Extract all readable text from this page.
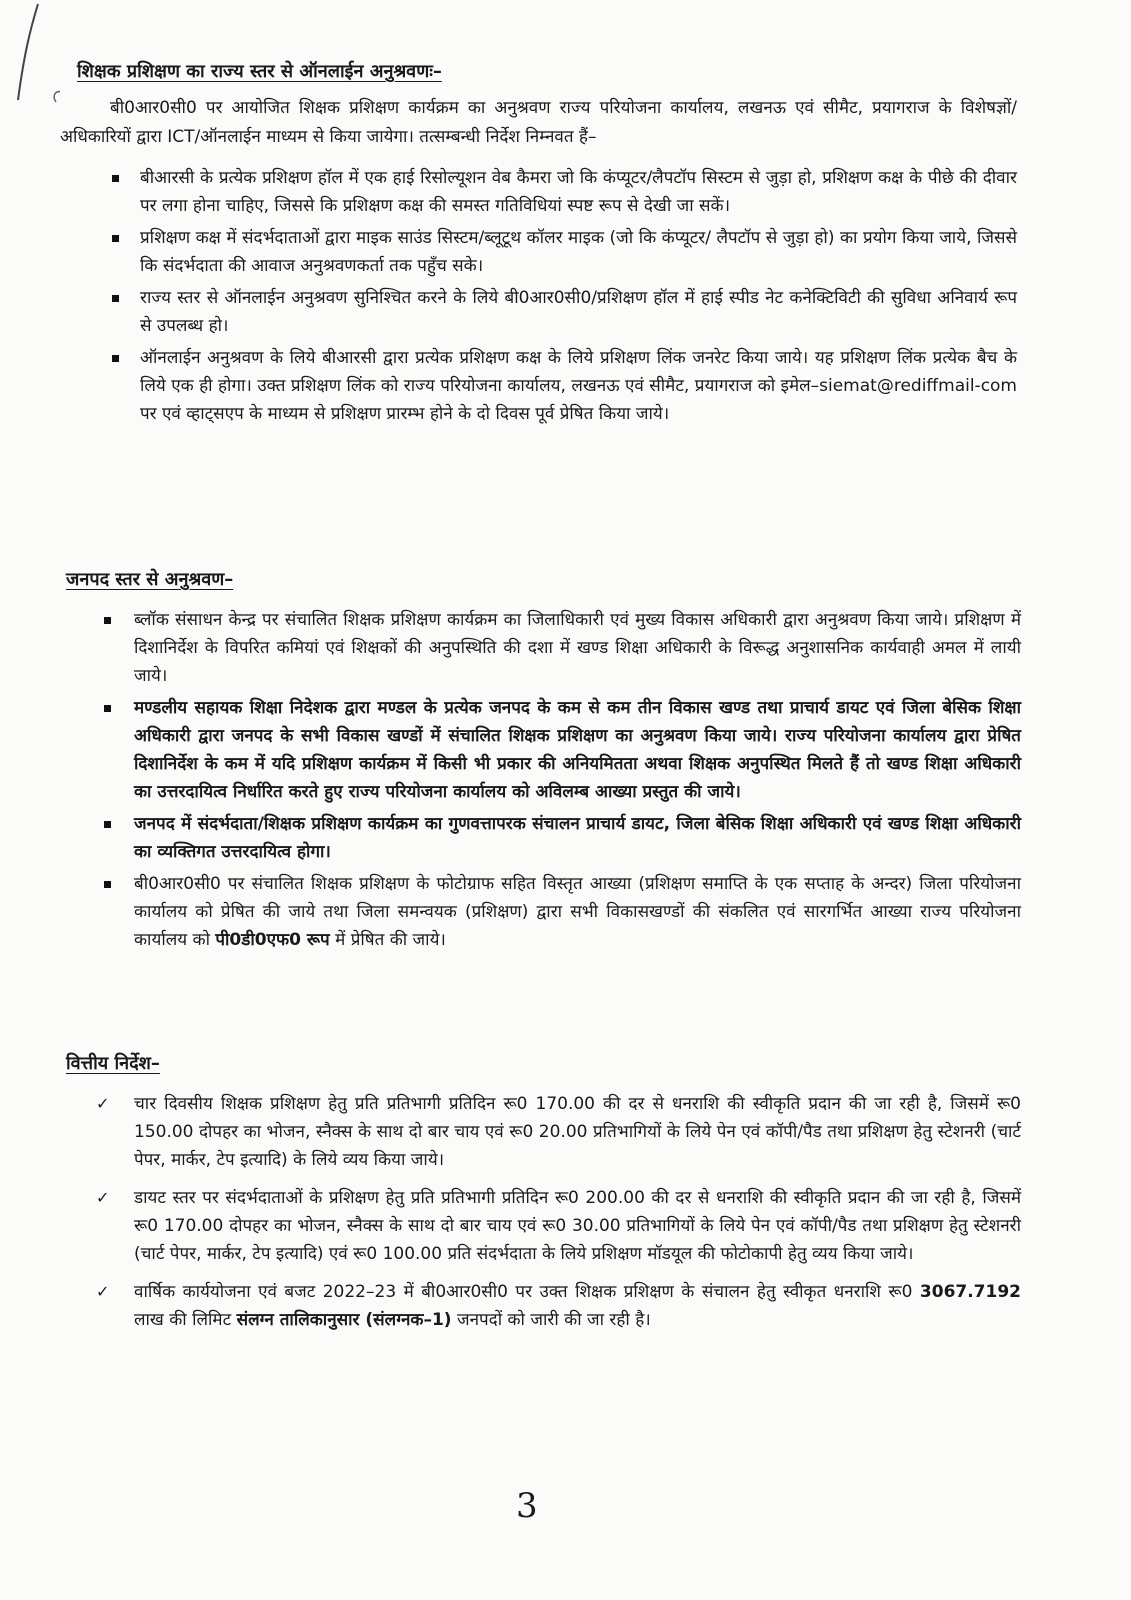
शिक्षक प्रशिक्षण का राज्य स्तर से ऑनलाईन अनुश्रवणः–

बी0आर0सी0 पर आयोजित शिक्षक प्रशिक्षण कार्यक्रम का अनुश्रवण राज्य परियोजना कार्यालय, लखनऊ एवं सीमैट, प्रयागराज के विशेषज्ञों/अधिकारियों द्वारा ICT/ऑनलाईन माध्यम से किया जायेगा। तत्सम्बन्धी निर्देश निम्नवत हैं–

बीआरसी के प्रत्येक प्रशिक्षण हॉल में एक हाई रिसोल्यूशन वेब कैमरा जो कि कंप्यूटर/लैपटॉप सिस्टम से जुड़ा हो, प्रशिक्षण कक्ष के पीछे की दीवार पर लगा होना चाहिए, जिससे कि प्रशिक्षण कक्ष की समस्त गतिविधियां स्पष्ट रूप से देखी जा सकें।
प्रशिक्षण कक्ष में संदर्भदाताओं द्वारा माइक साउंड सिस्टम/ब्लूटूथ कॉलर माइक (जो कि कंप्यूटर/ लैपटॉप से जुड़ा हो) का प्रयोग किया जाये, जिससे कि संदर्भदाता की आवाज अनुश्रवणकर्ता तक पहुँच सके।
राज्य स्तर से ऑनलाईन अनुश्रवण सुनिश्चित करने के लिये बी0आर0सी0/प्रशिक्षण हॉल में हाई स्पीड नेट कनेक्टिविटी की सुविधा अनिवार्य रूप से उपलब्ध हो।
ऑनलाईन अनुश्रवण के लिये बीआरसी द्वारा प्रत्येक प्रशिक्षण कक्ष के लिये प्रशिक्षण लिंक जनरेट किया जाये। यह प्रशिक्षण लिंक प्रत्येक बैच के लिये एक ही होगा। उक्त प्रशिक्षण लिंक को राज्य परियोजना कार्यालय, लखनऊ एवं सीमैट, प्रयागराज को इमेल–siemat@rediffmail-com पर एवं व्हाट्सएप के माध्यम से प्रशिक्षण प्रारम्भ होने के दो दिवस पूर्व प्रेषित किया जाये।
जनपद स्तर से अनुश्रवण–
ब्लॉक संसाधन केन्द्र पर संचालित शिक्षक प्रशिक्षण कार्यक्रम का जिलाधिकारी एवं मुख्य विकास अधिकारी द्वारा अनुश्रवण किया जाये। प्रशिक्षण में दिशानिर्देश के विपरित कमियां एवं शिक्षकों की अनुपस्थिति की दशा में खण्ड शिक्षा अधिकारी के विरूद्ध अनुशासनिक कार्यवाही अमल में लायी जाये।
मण्डलीय सहायक शिक्षा निदेशक द्वारा मण्डल के प्रत्येक जनपद के कम से कम तीन विकास खण्ड तथा प्राचार्य डायट एवं जिला बेसिक शिक्षा अधिकारी द्वारा जनपद के सभी विकास खण्डों में संचालित शिक्षक प्रशिक्षण का अनुश्रवण किया जाये। राज्य परियोजना कार्यालय द्वारा प्रेषित दिशानिर्देश के कम में यदि प्रशिक्षण कार्यक्रम में किसी भी प्रकार की अनियमितता अथवा शिक्षक अनुपस्थित मिलते हैं तो खण्ड शिक्षा अधिकारी का उत्तरदायित्व निर्धारित करते हुए राज्य परियोजना कार्यालय को अविलम्ब आख्या प्रस्तुत की जाये।
जनपद में संदर्भदाता/शिक्षक प्रशिक्षण कार्यक्रम का गुणवत्तापरक संचालन प्राचार्य डायट, जिला बेसिक शिक्षा अधिकारी एवं खण्ड शिक्षा अधिकारी का व्यक्तिगत उत्तरदायित्व होगा।
बी0आर0सी0 पर संचालित शिक्षक प्रशिक्षण के फोटोग्राफ सहित विस्तृत आख्या (प्रशिक्षण समाप्ति के एक सप्ताह के अन्दर) जिला परियोजना कार्यालय को प्रेषित की जाये तथा जिला समन्वयक (प्रशिक्षण) द्वारा सभी विकासखण्डों की संकलित एवं सारगर्भित आख्या राज्य परियोजना कार्यालय को पी0डी0एफ0 रूप में प्रेषित की जाये।
वित्तीय निर्देश–
✓ चार दिवसीय शिक्षक प्रशिक्षण हेतु प्रति प्रतिभागी प्रतिदिन रू0 170.00 की दर से धनराशि की स्वीकृति प्रदान की जा रही है, जिसमें रू0 150.00 दोपहर का भोजन, स्नैक्स के साथ दो बार चाय एवं रू0 20.00 प्रतिभागियों के लिये पेन एवं कॉपी/पैड तथा प्रशिक्षण हेतु स्टेशनरी (चार्ट पेपर, मार्कर, टेप इत्यादि) के लिये व्यय किया जाये।
✓ डायट स्तर पर संदर्भदाताओं के प्रशिक्षण हेतु प्रति प्रतिभागी प्रतिदिन रू0 200.00 की दर से धनराशि की स्वीकृति प्रदान की जा रही है, जिसमें रू0 170.00 दोपहर का भोजन, स्नैक्स के साथ दो बार चाय एवं रू0 30.00 प्रतिभागियों के लिये पेन एवं कॉपी/पैड तथा प्रशिक्षण हेतु स्टेशनरी (चार्ट पेपर, मार्कर, टेप इत्यादि) एवं रू0 100.00 प्रति संदर्भदाता के लिये प्रशिक्षण मॉडयूल की फोटोकापी हेतु व्यय किया जाये।
✓ वार्षिक कार्ययोजना एवं बजट 2022–23 में बी0आर0सी0 पर उक्त शिक्षक प्रशिक्षण के संचालन हेतु स्वीकृत धनराशि रू0 3067.7192 लाख की लिमिट संलग्न तालिकानुसार (संलग्नक–1) जनपदों को जारी की जा रही है।
3
